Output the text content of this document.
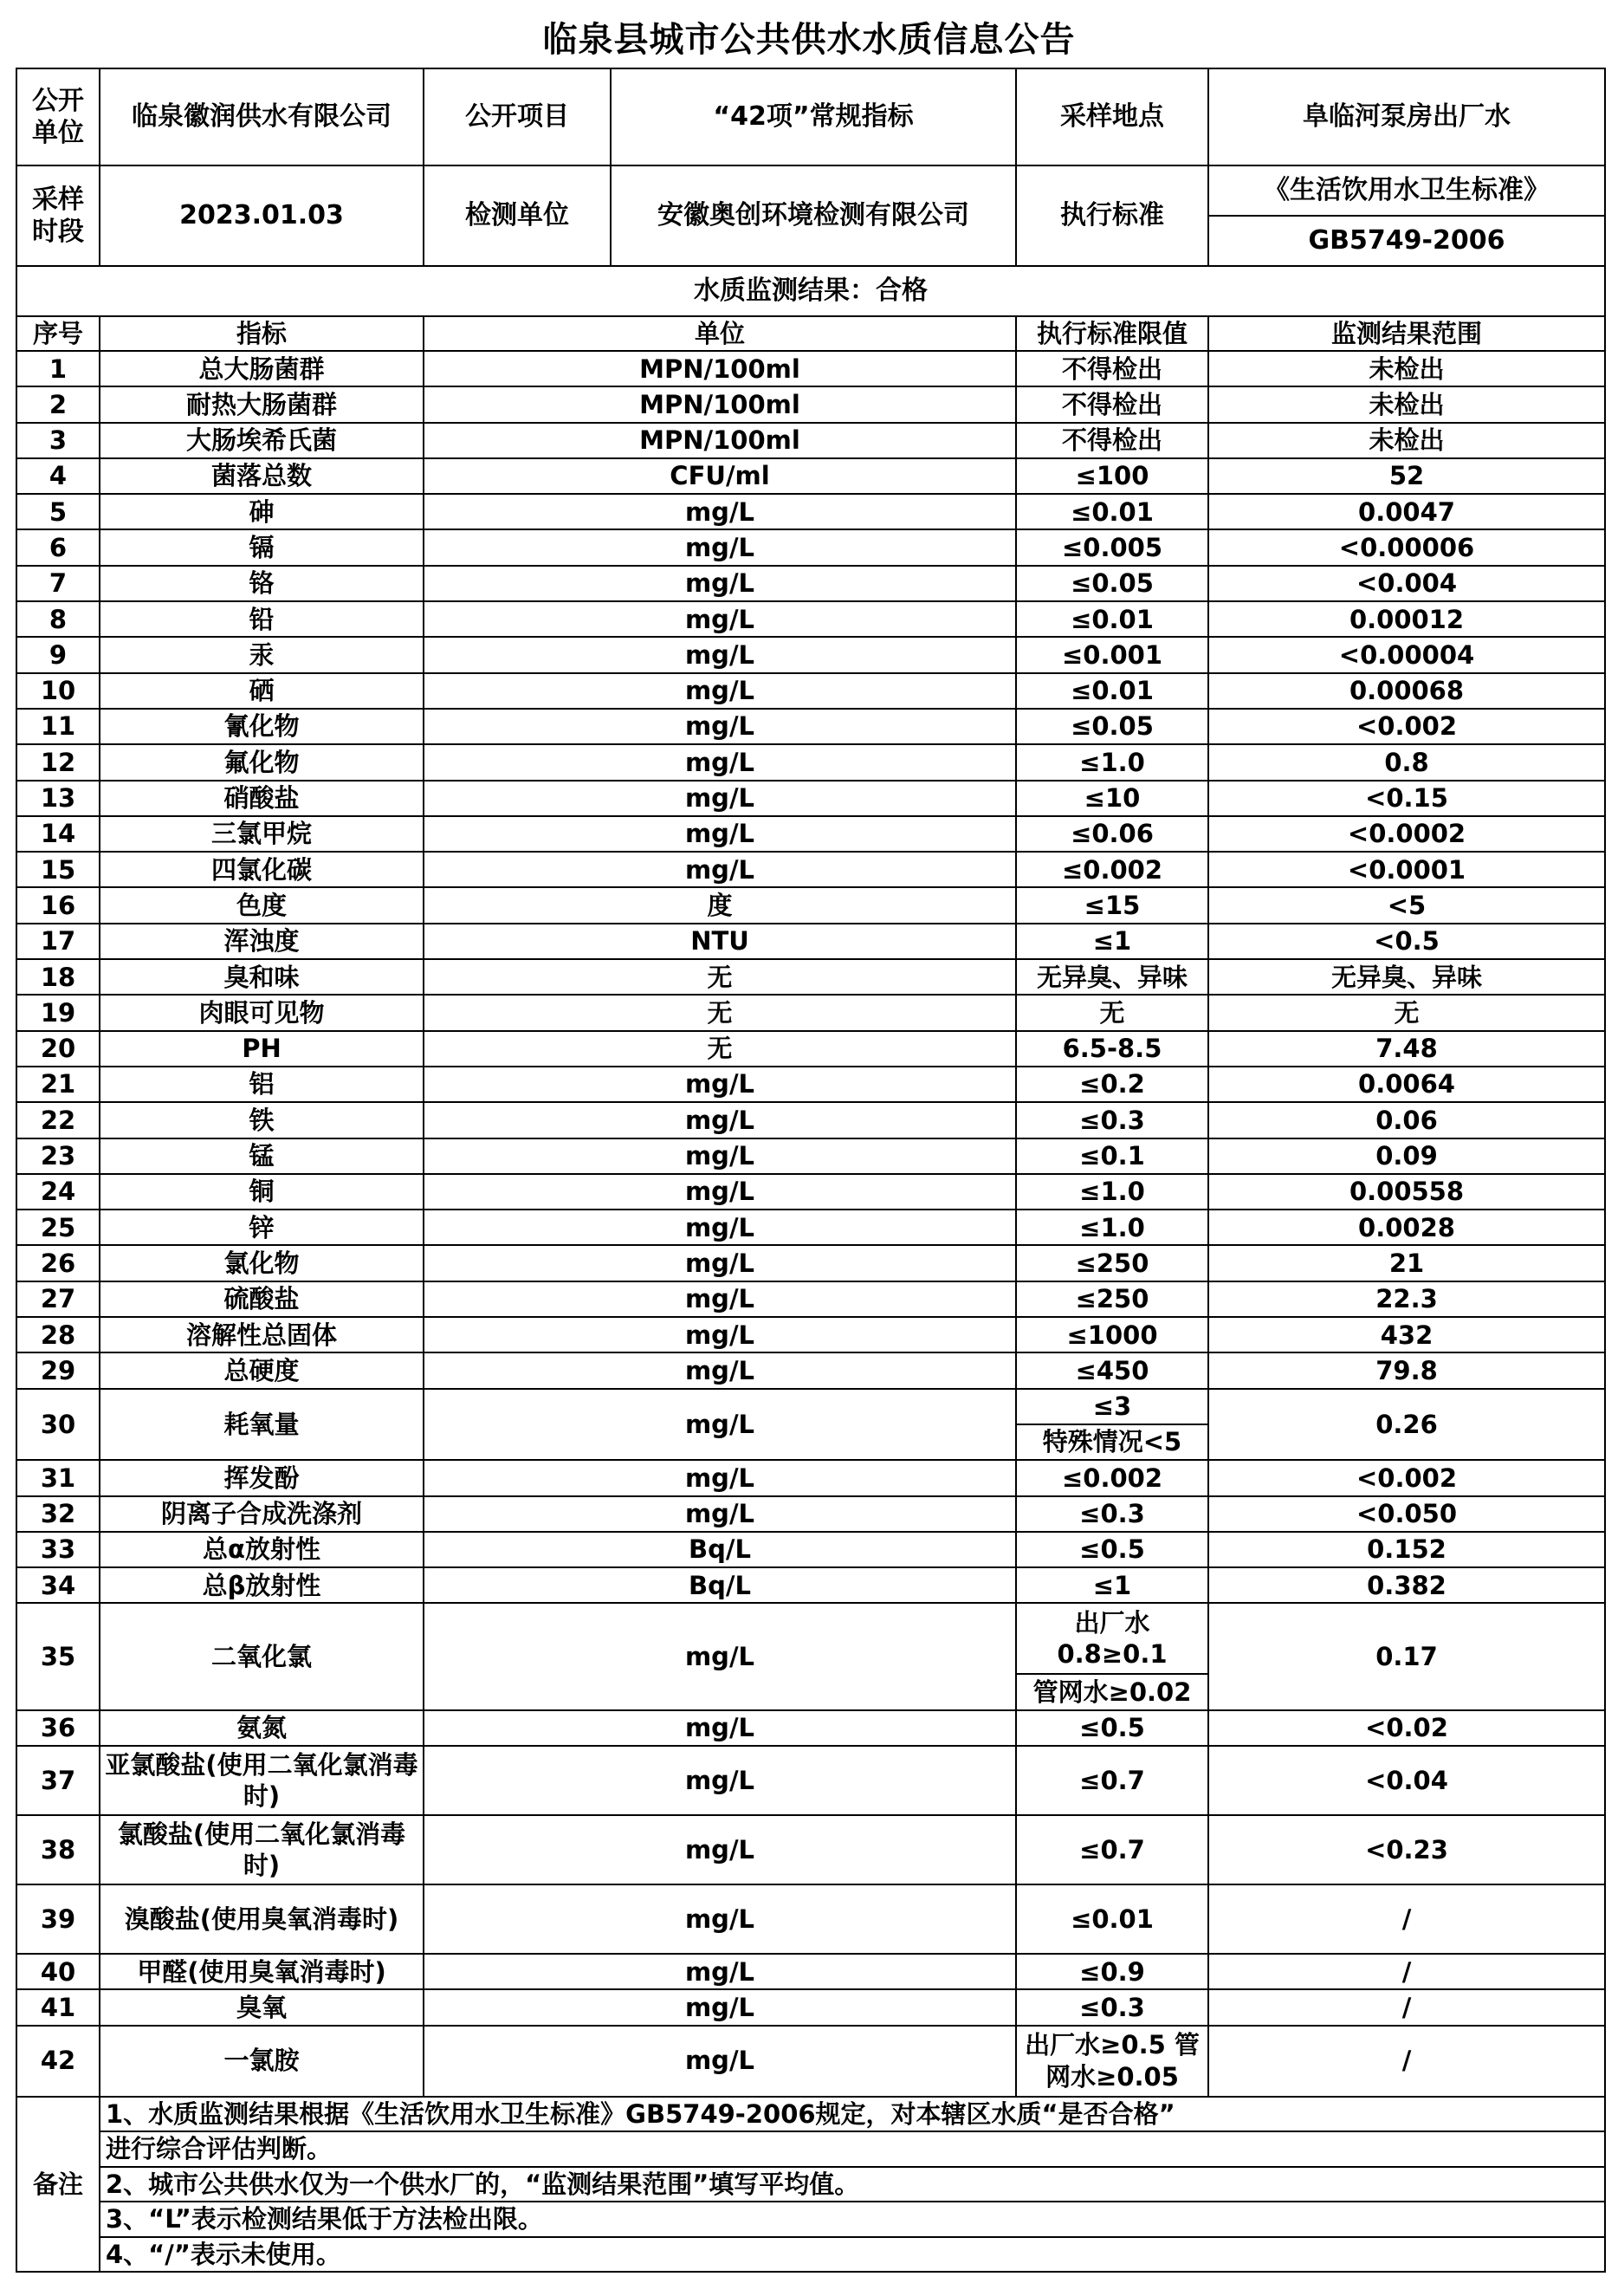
临泉县城市公共供水水质信息公告
公开单位	临泉徽润供水有限公司	公开项目	“42项”常规指标	采样地点	阜临河泵房出厂水
采样时段	2023.01.03	检测单位	安徽奥创环境检测有限公司	执行标准	《生活饮用水卫生标准》
					GB5749-2006
水质监测结果：合格					
序号	指标	单位		执行标准限值	监测结果范围
1	总大肠菌群	MPN/100ml		不得检出	未检出
2	耐热大肠菌群	MPN/100ml		不得检出	未检出
3	大肠埃希氏菌	MPN/100ml		不得检出	未检出
4	菌落总数	CFU/ml		≤100	52
5	砷	mg/L		≤0.01	0.0047
6	镉	mg/L		≤0.005	<0.00006
7	铬	mg/L		≤0.05	<0.004
8	铅	mg/L		≤0.01	0.00012
9	汞	mg/L		≤0.001	<0.00004
10	硒	mg/L		≤0.01	0.00068
11	氰化物	mg/L		≤0.05	<0.002
12	氟化物	mg/L		≤1.0	0.8
13	硝酸盐	mg/L		≤10	<0.15
14	三氯甲烷	mg/L		≤0.06	<0.0002
15	四氯化碳	mg/L		≤0.002	<0.0001
16	色度	度		≤15	<5
17	浑浊度	NTU		≤1	<0.5
18	臭和味	无		无异臭、异味	无异臭、异味
19	肉眼可见物	无		无	无
20	PH	无		6.5-8.5	7.48
21	铝	mg/L		≤0.2	0.0064
22	铁	mg/L		≤0.3	0.06
23	锰	mg/L		≤0.1	0.09
24	铜	mg/L		≤1.0	0.00558
25	锌	mg/L		≤1.0	0.0028
26	氯化物	mg/L		≤250	21
27	硫酸盐	mg/L		≤250	22.3
28	溶解性总固体	mg/L		≤1000	432
29	总硬度	mg/L		≤450	79.8
30	耗氧量	mg/L		≤3	0.26
				特殊情况<5	
31	挥发酚	mg/L		≤0.002	<0.002
32	阴离子合成洗涤剂	mg/L		≤0.3	<0.050
33	总α放射性	Bq/L		≤0.5	0.152
34	总β放射性	Bq/L		≤1	0.382
35	二氧化氯	mg/L		出厂水0.8≥0.1	0.17
				管网水≥0.02	
36	氨氮	mg/L		≤0.5	<0.02
37	亚氯酸盐(使用二氧化氯消毒时)	mg/L		≤0.7	<0.04
38	氯酸盐(使用二氧化氯消毒时)	mg/L		≤0.7	<0.23
39	溴酸盐(使用臭氧消毒时)	mg/L		≤0.01	/
40	甲醛(使用臭氧消毒时)	mg/L		≤0.9	/
41	臭氧	mg/L		≤0.3	/
42	一氯胺	mg/L		出厂水≥0.5 管网水≥0.05	/
备注	1、水质监测结果根据《生活饮用水卫生标准》GB5749-2006规定，对本辖区水质“是否合格”				
	进行综合评估判断。				
	2、城市公共供水仅为一个供水厂的，“监测结果范围”填写平均值。				
	3、“L”表示检测结果低于方法检出限。				
	4、“/”表示未使用。				
